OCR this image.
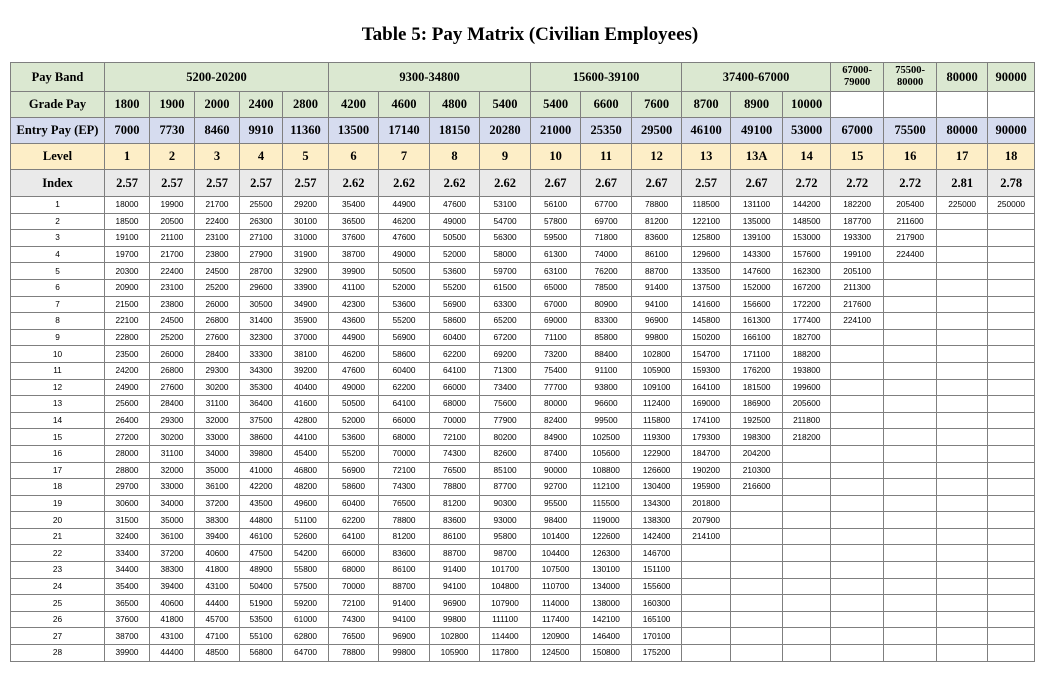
Table 5: Pay Matrix (Civilian Employees)
Pay Band	5200-20200					9300-34800				15600-39100			37400-67000			67000-79000	75500-80000	80000	90000
Grade Pay	1800	1900	2000	2400	2800	4200	4600	4800	5400	5400	6600	7600	8700	8900	10000				
Entry Pay (EP)	7000	7730	8460	9910	11360	13500	17140	18150	20280	21000	25350	29500	46100	49100	53000	67000	75500	80000	90000
Level	1	2	3	4	5	6	7	8	9	10	11	12	13	13A	14	15	16	17	18
Index	2.57	2.57	2.57	2.57	2.57	2.62	2.62	2.62	2.62	2.67	2.67	2.67	2.57	2.67	2.72	2.72	2.72	2.81	2.78
1	18000	19900	21700	25500	29200	35400	44900	47600	53100	56100	67700	78800	118500	131100	144200	182200	205400	225000	250000
2	18500	20500	22400	26300	30100	36500	46200	49000	54700	57800	69700	81200	122100	135000	148500	187700	211600		
3	19100	21100	23100	27100	31000	37600	47600	50500	56300	59500	71800	83600	125800	139100	153000	193300	217900		
4	19700	21700	23800	27900	31900	38700	49000	52000	58000	61300	74000	86100	129600	143300	157600	199100	224400		
5	20300	22400	24500	28700	32900	39900	50500	53600	59700	63100	76200	88700	133500	147600	162300	205100			
6	20900	23100	25200	29600	33900	41100	52000	55200	61500	65000	78500	91400	137500	152000	167200	211300			
7	21500	23800	26000	30500	34900	42300	53600	56900	63300	67000	80900	94100	141600	156600	172200	217600			
8	22100	24500	26800	31400	35900	43600	55200	58600	65200	69000	83300	96900	145800	161300	177400	224100			
9	22800	25200	27600	32300	37000	44900	56900	60400	67200	71100	85800	99800	150200	166100	182700				
10	23500	26000	28400	33300	38100	46200	58600	62200	69200	73200	88400	102800	154700	171100	188200				
11	24200	26800	29300	34300	39200	47600	60400	64100	71300	75400	91100	105900	159300	176200	193800				
12	24900	27600	30200	35300	40400	49000	62200	66000	73400	77700	93800	109100	164100	181500	199600				
13	25600	28400	31100	36400	41600	50500	64100	68000	75600	80000	96600	112400	169000	186900	205600				
14	26400	29300	32000	37500	42800	52000	66000	70000	77900	82400	99500	115800	174100	192500	211800				
15	27200	30200	33000	38600	44100	53600	68000	72100	80200	84900	102500	119300	179300	198300	218200				
16	28000	31100	34000	39800	45400	55200	70000	74300	82600	87400	105600	122900	184700	204200					
17	28800	32000	35000	41000	46800	56900	72100	76500	85100	90000	108800	126600	190200	210300					
18	29700	33000	36100	42200	48200	58600	74300	78800	87700	92700	112100	130400	195900	216600					
19	30600	34000	37200	43500	49600	60400	76500	81200	90300	95500	115500	134300	201800						
20	31500	35000	38300	44800	51100	62200	78800	83600	93000	98400	119000	138300	207900						
21	32400	36100	39400	46100	52600	64100	81200	86100	95800	101400	122600	142400	214100						
22	33400	37200	40600	47500	54200	66000	83600	88700	98700	104400	126300	146700							
23	34400	38300	41800	48900	55800	68000	86100	91400	101700	107500	130100	151100							
24	35400	39400	43100	50400	57500	70000	88700	94100	104800	110700	134000	155600							
25	36500	40600	44400	51900	59200	72100	91400	96900	107900	114000	138000	160300							
26	37600	41800	45700	53500	61000	74300	94100	99800	111100	117400	142100	165100							
27	38700	43100	47100	55100	62800	76500	96900	102800	114400	120900	146400	170100							
28	39900	44400	48500	56800	64700	78800	99800	105900	117800	124500	150800	175200							
